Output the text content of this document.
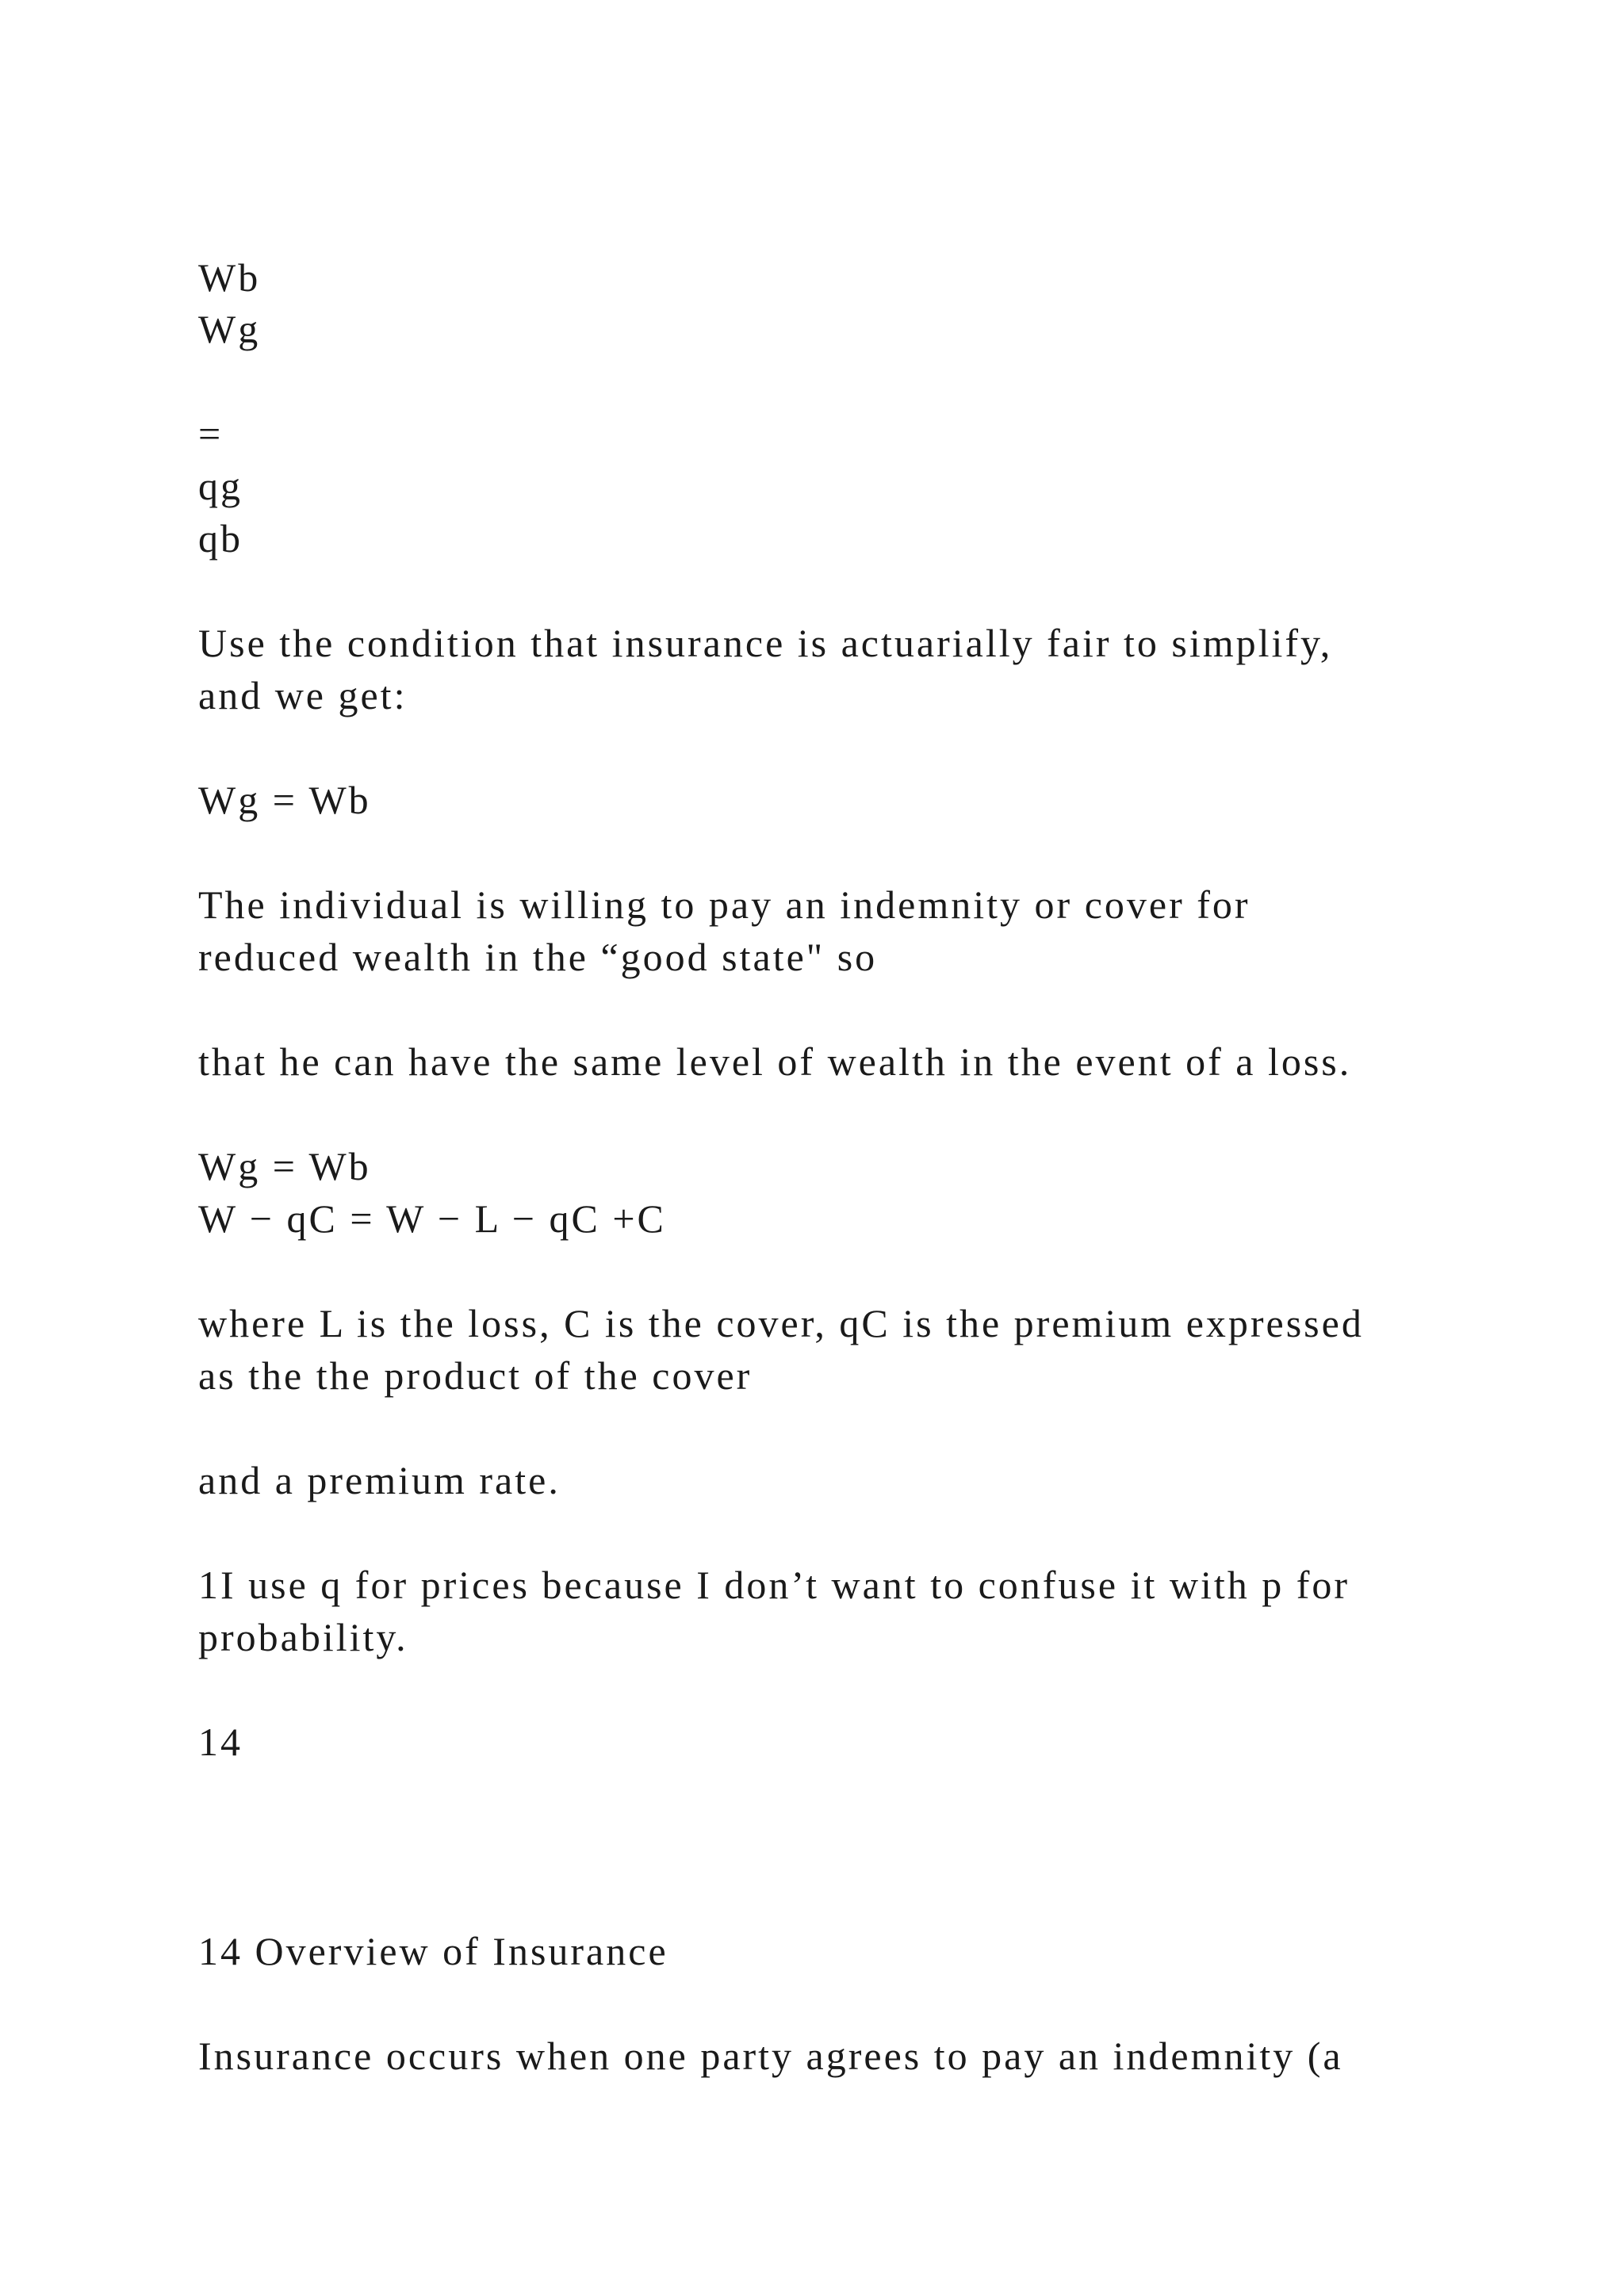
Wb
Wg
=
qg
qb
Use the condition that insurance is actuarially fair to simplify,
and we get:
Wg = Wb
The individual is willing to pay an indemnity or cover for
reduced wealth in the “good state" so
that he can have the same level of wealth in the event of a loss.
Wg = Wb
W − qC = W − L − qC +C
where L is the loss, C is the cover, qC is the premium expressed
as the the product of the cover
and a premium rate.
1I use q for prices because I don’t want to confuse it with p for
probability.
14
14 Overview of Insurance
Insurance occurs when one party agrees to pay an indemnity (a
